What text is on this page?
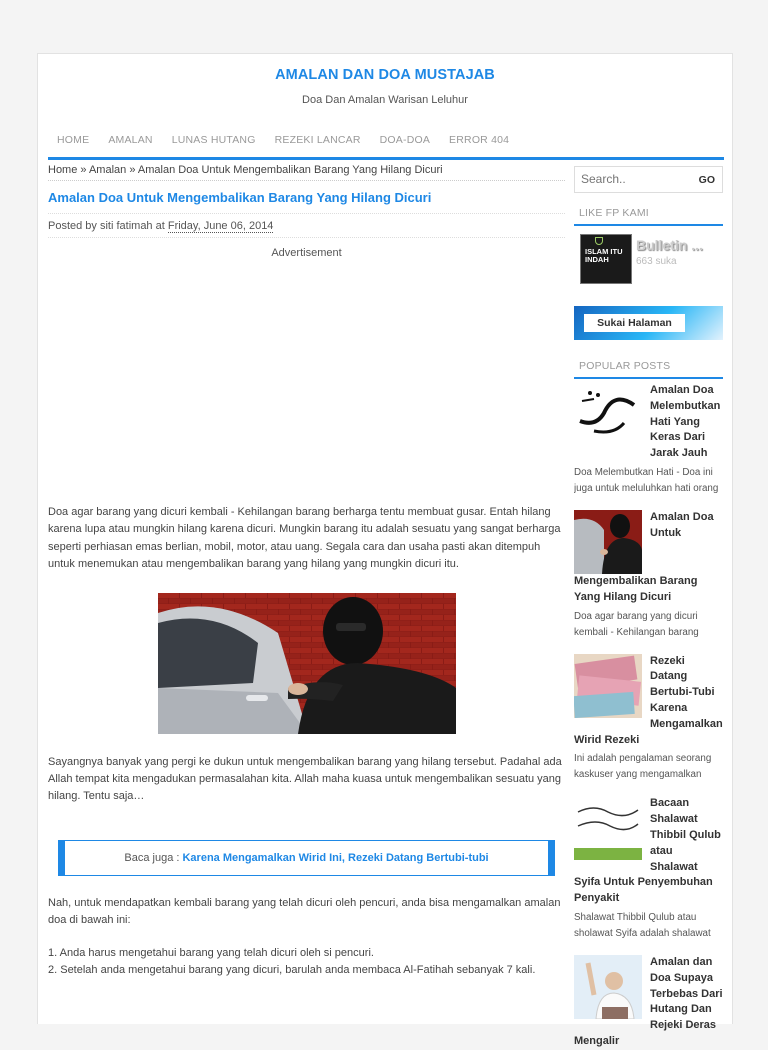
AMALAN DAN DOA MUSTAJAB
Doa Dan Amalan Warisan Leluhur
HOME AMALAN LUNAS HUTANG REZEKI LANCAR DOA-DOA ERROR 404
Home » Amalan » Amalan Doa Untuk Mengembalikan Barang Yang Hilang Dicuri
Amalan Doa Untuk Mengembalikan Barang Yang Hilang Dicuri
Posted by siti fatimah at Friday, June 06, 2014
Advertisement

Doa agar barang yang dicuri kembali - Kehilangan barang berharga tentu membuat gusar. Entah hilang karena lupa atau mungkin hilang karena dicuri. Mungkin barang itu adalah sesuatu yang sangat berharga seperti perhiasan emas berlian, mobil, motor, atau uang. Segala cara dan usaha pasti akan ditempuh untuk menemukan atau mengembalikan barang yang hilang yang mungkin dicuri itu.

Sayangnya banyak yang pergi ke dukun untuk mengembalikan barang yang hilang tersebut. Padahal ada Allah tempat kita mengadukan permasalahan kita. Allah maha kuasa untuk mengembalikan sesuatu yang hilang. Tentu saja…

Baca juga : Karena Mengamalkan Wirid Ini, Rezeki Datang Bertubi-tubi

Nah, untuk mendapatkan kembali barang yang telah dicuri oleh pencuri, anda bisa mengamalkan amalan doa di bawah ini:

1. Anda harus mengetahui barang yang telah dicuri oleh si pencuri.

2. Setelah anda mengetahui barang yang dicuri, barulah anda membaca Al-Fatihah sebanyak 7 kali.

Search..
GO
LIKE FP KAMI
ISLAM ITU INDAH
Bulletin ...
663 suka
Sukai Halaman
POPULAR POSTS
Amalan Doa Melembutkan Hati Yang Keras Dari Jarak Jauh
Doa Melembutkan Hati - Doa ini juga untuk meluluhkan hati orang
Amalan Doa Untuk Mengembalikan Barang Yang Hilang Dicuri
Doa agar barang yang dicuri kembali - Kehilangan barang
Rezeki Datang Bertubi-Tubi Karena Mengamalkan Wirid Rezeki
Ini adalah pengalaman seorang kaskuser yang mengamalkan
Bacaan Shalawat Thibbil Qulub atau Shalawat Syifa Untuk Penyembuhan Penyakit
Shalawat Thibbil Qulub atau sholawat Syifa adalah shalawat
Amalan dan Doa Supaya Terbebas Dari Hutang Dan Rejeki Deras Mengalir
